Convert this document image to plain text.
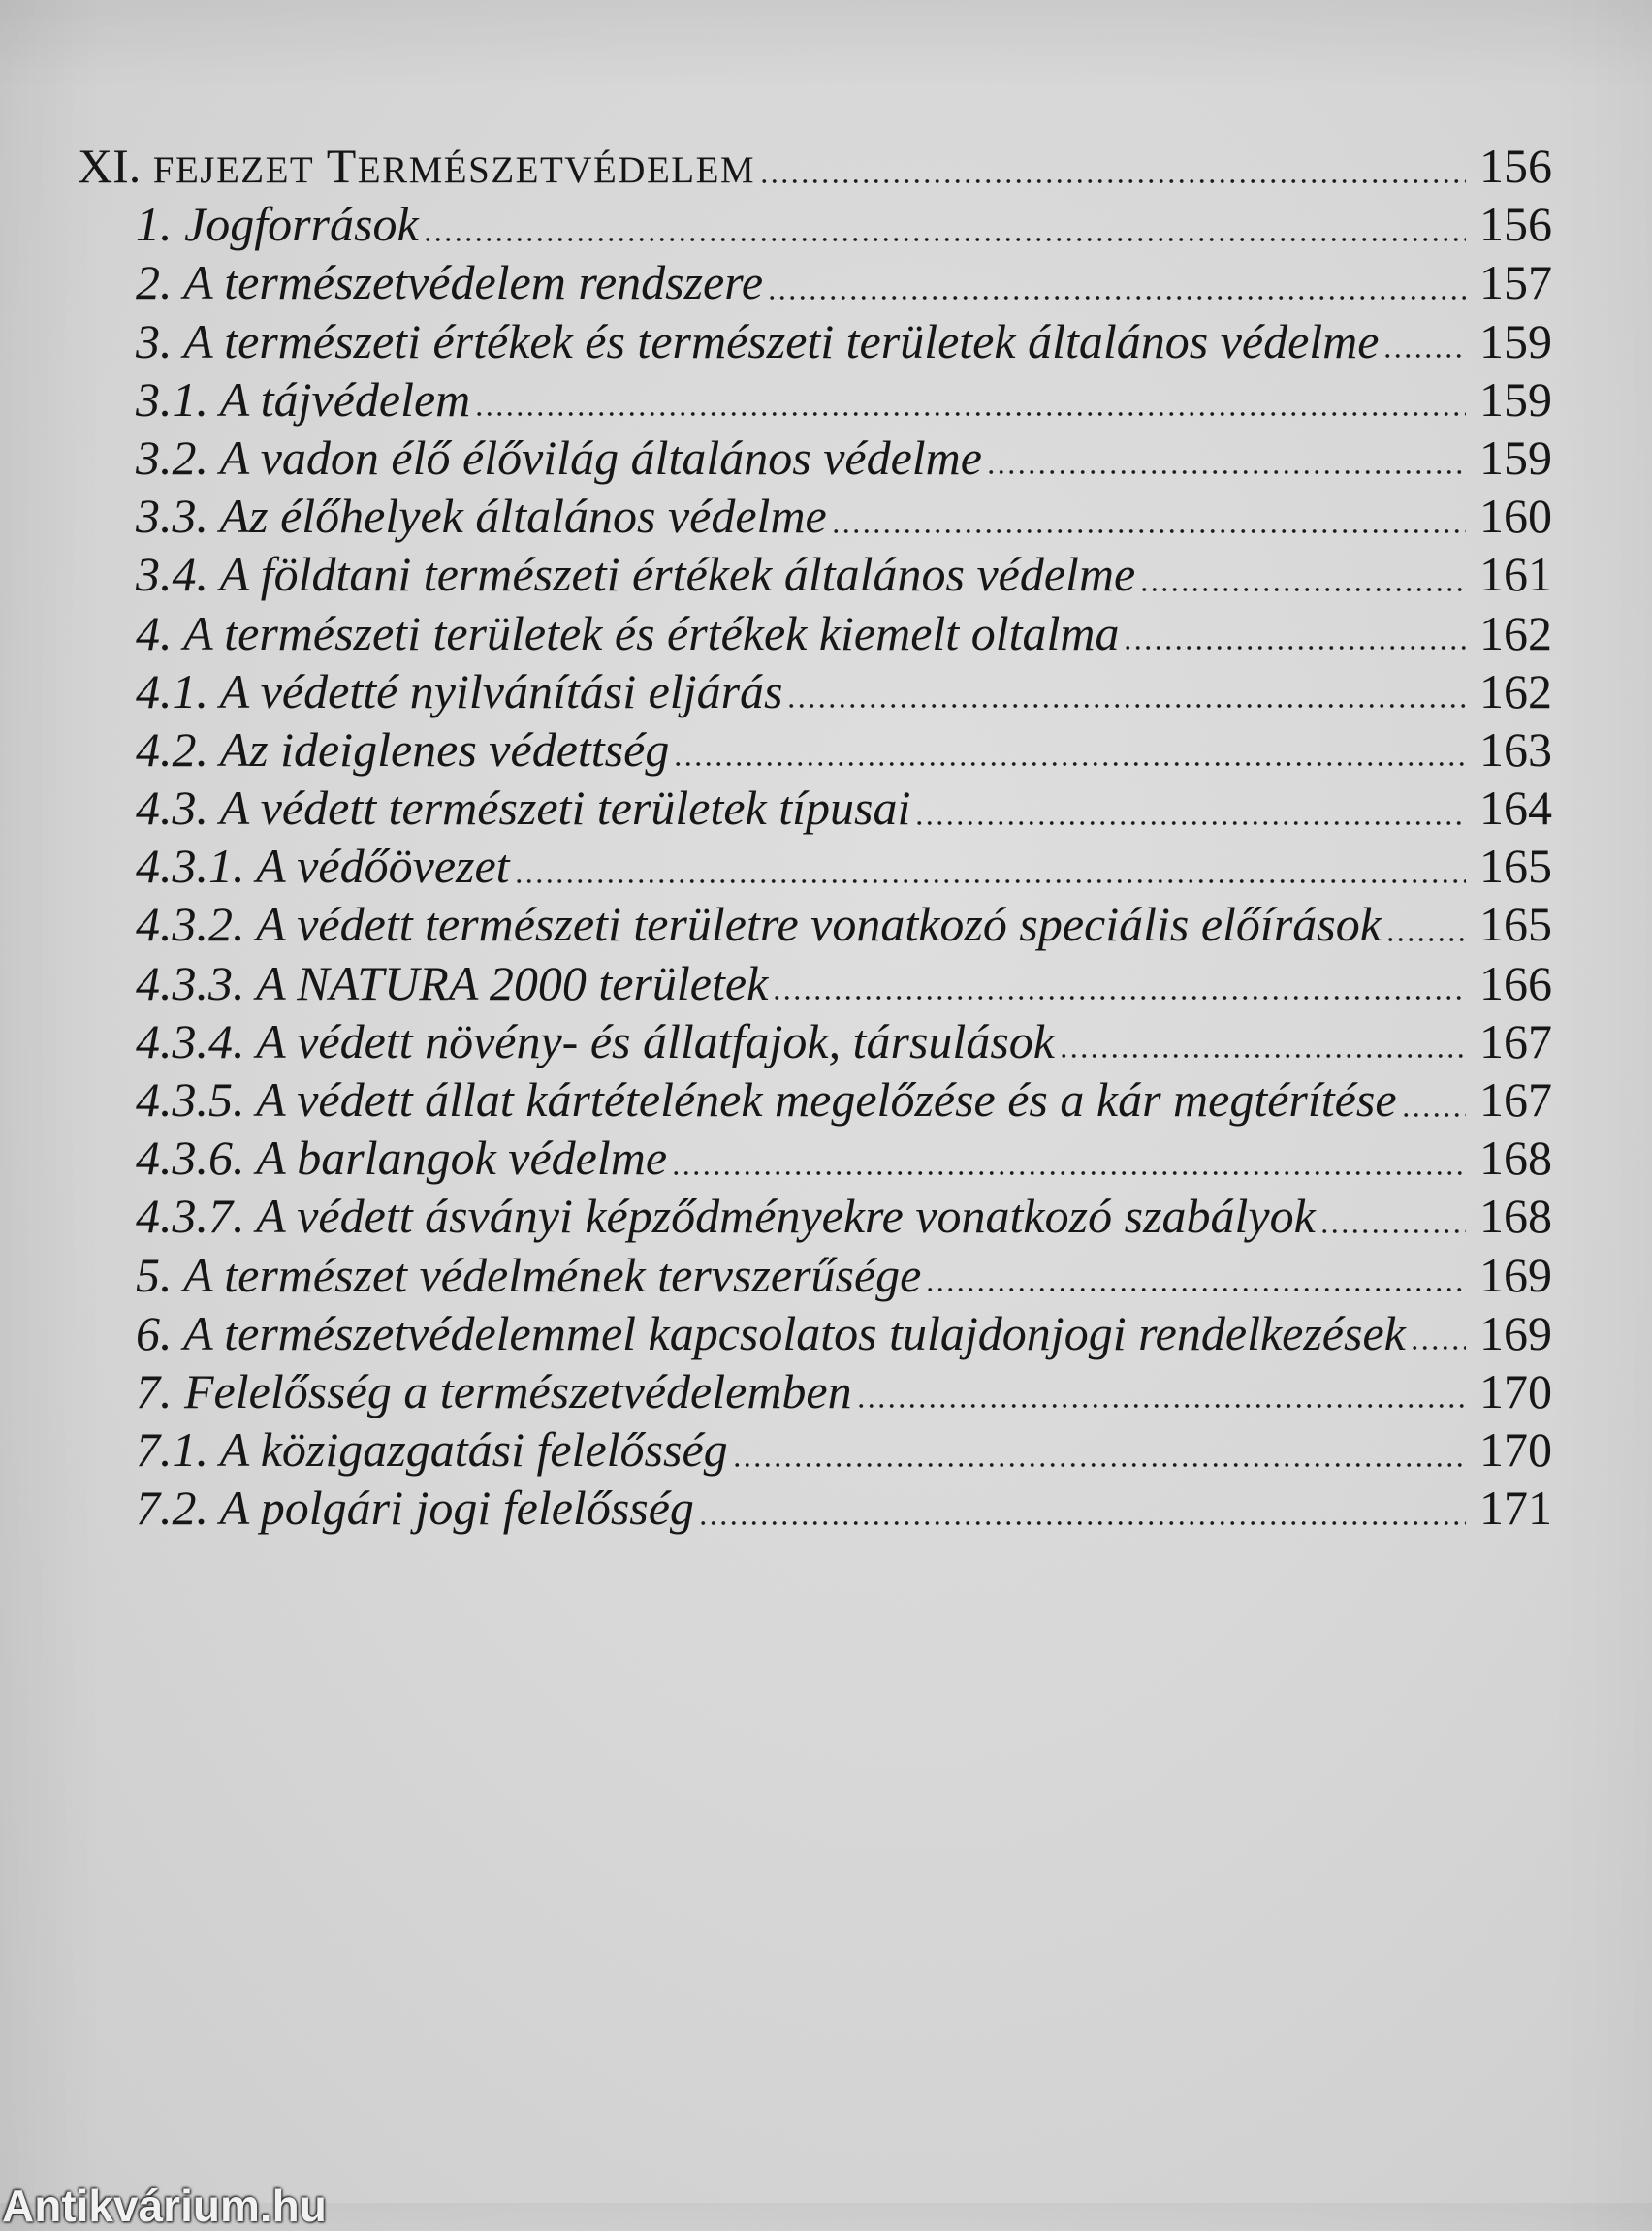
XI. FEJEZET TERMÉSZETVÉDELEM	156
1. Jogforrások	156
2. A természetvédelem rendszere	157
3. A természeti értékek és természeti területek általános védelme 159
3.1. A tájvédelem	159
3.2. A vadon élő élővilág általános védelme	159
3.3. Az élőhelyek általános védelme	160
3.4. A földtani természeti értékek általános védelme	161
4. A természeti területek és értékek kiemelt oltalma	162
4.1. A védetté nyilvánítási eljárás	162
4.2. Az ideiglenes védettség	163
4.3. A védett természeti területek típusai	164
4.3.1. A védőövezet	165
4.3.2. A védett természeti területre vonatkozó speciális előírások 165
4.3.3. A NATURA 2000 területek	166
4.3.4. A védett növény- és állatfajok, társulások	167
4.3.5. A védett állat kártételének megelőzése és a kár megtérítése 167
4.3.6. A barlangok védelme	168
4.3.7. A védett ásványi képződményekre vonatkozó szabályok	168
5. A természet védelmének tervszerűsége	169
6. A természetvédelemmel kapcsolatos tulajdonjogi rendelkezések 169
7. Felelősség a természetvédelemben	170
7.1. A közigazgatási felelősség	170
7.2. A polgári jogi felelősség	171
Antikvárium.hu
